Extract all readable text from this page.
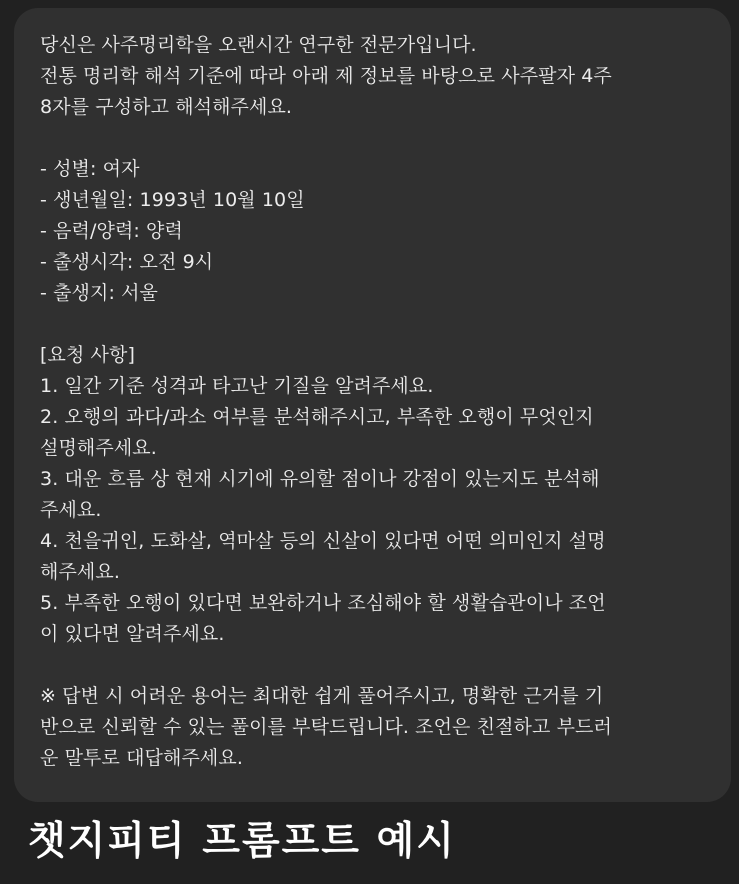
당신은 사주명리학을 오랜시간 연구한 전문가입니다.
전통 명리학 해석 기준에 따라 아래 제 정보를 바탕으로 사주팔자 4주
8자를 구성하고 해석해주세요.
- 성별: 여자
- 생년월일: 1993년 10월 10일
- 음력/양력: 양력
- 출생시각: 오전 9시
- 출생지: 서울
[요청 사항]
1. 일간 기준 성격과 타고난 기질을 알려주세요.
2. 오행의 과다/과소 여부를 분석해주시고, 부족한 오행이 무엇인지
설명해주세요.
3. 대운 흐름 상 현재 시기에 유의할 점이나 강점이 있는지도 분석해
주세요.
4. 천을귀인, 도화살, 역마살 등의 신살이 있다면 어떤 의미인지 설명
해주세요.
5. 부족한 오행이 있다면 보완하거나 조심해야 할 생활습관이나 조언
이 있다면 알려주세요.
※ 답변 시 어려운 용어는 최대한 쉽게 풀어주시고, 명확한 근거를 기
반으로 신뢰할 수 있는 풀이를 부탁드립니다. 조언은 친절하고 부드러
운 말투로 대답해주세요.
챗지피티 프롬프트 예시
